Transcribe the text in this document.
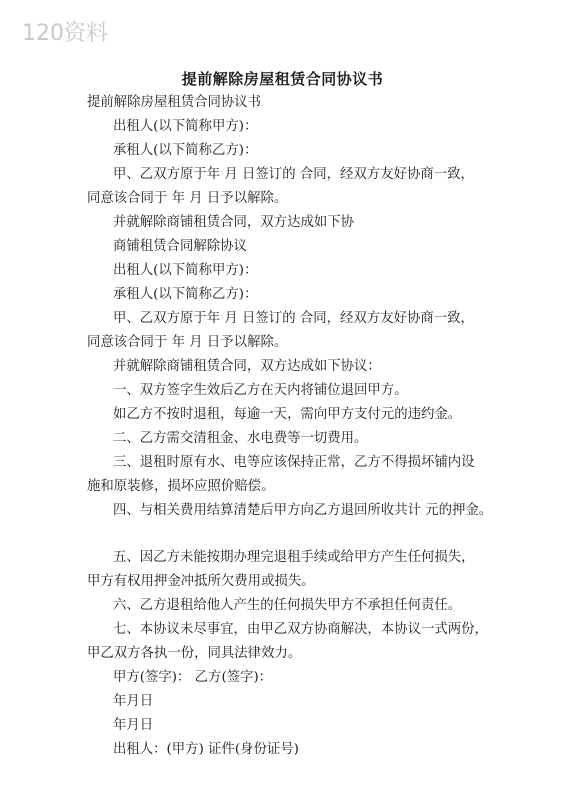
120资料
提前解除房屋租赁合同协议书
提前解除房屋租赁合同协议书
出租人(以下简称甲方)：
承租人(以下简称乙方)：
甲、乙双方原于年 月 日签订的 合同，经双方友好协商一致，
同意该合同于 年 月 日予以解除。
并就解除商铺租赁合同，双方达成如下协
商铺租赁合同解除协议
出租人(以下简称甲方)：
承租人(以下简称乙方)：
甲、乙双方原于年 月 日签订的 合同，经双方友好协商一致，
同意该合同于 年 月 日予以解除。
并就解除商铺租赁合同，双方达成如下协议：
一、双方签字生效后乙方在天内将铺位退回甲方。
如乙方不按时退租，每逾一天，需向甲方支付元的违约金。
二、乙方需交清租金、水电费等一切费用。
三、退租时原有水、电等应该保持正常，乙方不得损坏铺内设
施和原装修，损坏应照价赔偿。
四、与相关费用结算清楚后甲方向乙方退回所收共计 元的押金。
五、因乙方未能按期办理完退租手续或给甲方产生任何损失，
甲方有权用押金冲抵所欠费用或损失。
六、乙方退租给他人产生的任何损失甲方不承担任何责任。
七、本协议未尽事宜，由甲乙双方协商解决，本协议一式两份，
甲乙双方各执一份，同具法律效力。
甲方(签字)： 乙方(签字)：
年月日
年月日
出租人：(甲方) 证件(身份证号)
